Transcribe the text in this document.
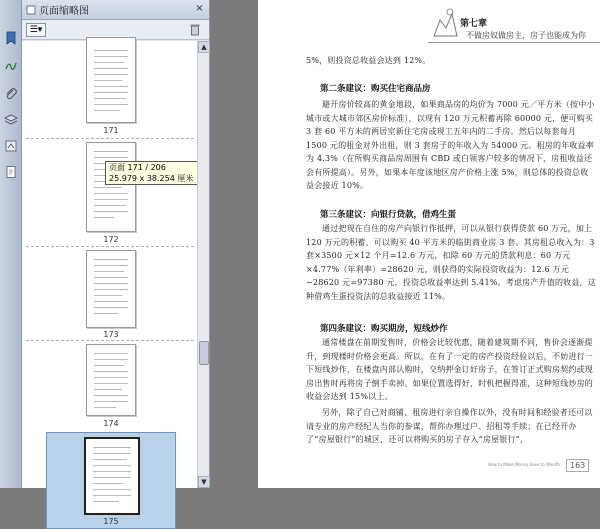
页面缩略图	×
☰▾
171
172
173
174
175
页面 171 / 206
25.979 x 38.254 厘米
▲
▼
第七章
不做房奴做房主，房子也能成为你
5%，则投资总收益会达到 12%。
第二条建议：购买住宅商品房
避开房价较高的黄金地段，如果商品房的均价为 7000 元／平方米（按中小城市或大城市郊区房价标准），以现有 120 万元积蓄再除 60000 元，便可购买 3 套 60 平方米的两居室新住宅房或现工五年内的二手房。然后以每套每月 1500 元的租金对外出租，则 3 套房子的年收入为 54000 元。租房的年收益率为 4.3%（在所购买商品房周围有 CBD 或白领客户较多的情况下，房租收益还会有所提高）。另外，如果本年度该地区房产价格上涨 5%，则总体的投资总收益会接近 10%。
第三条建议：向银行贷款，借鸡生蛋
通过把现在自住的房产向银行作抵押，可以从银行获得贷款 60 万元，加上 120 万元的积蓄，可以购买 40 平方米的临街商业房 3 套。其房租总收入为：3 套×3500 元×12 个月=12.6 万元，扣除 60 万元的贷款利息：60 万元×4.77%（年利率）=28620 元，则获得的实际投资收益为：12.6 万元−28620 元=97380 元，投资总收益率达到 5.41%。考虑房产升值的收益，这种借鸡生蛋投资法的总收益接近 11%。
第四条建议：购买期房，短线炒作
通常楼盘在前期发售时，价格会比较优惠，随着建筑期不同，售价会逐渐提升，到现楼时价格会更高。所以，在有了一定的房产投资经验以后，不妨进行一下短线炒作，在楼盘内部认购时，交纳押金订好房子，在签订正式购房契约或现房出售时再将房子倒手卖掉。如果位置选得好，时机把握得准，这种短线炒房的收益会达到 15%以上。
另外，除了自己对商铺、租房进行亲自操作以外，没有时间和经验者还可以请专业的房产经纪人当你的参谋，帮你办理过户、招租等手续；在已经开办了“房屋银行”的城区，还可以将购买的房子存入“房屋银行”，
How to Make Money Save to Wealth	163
